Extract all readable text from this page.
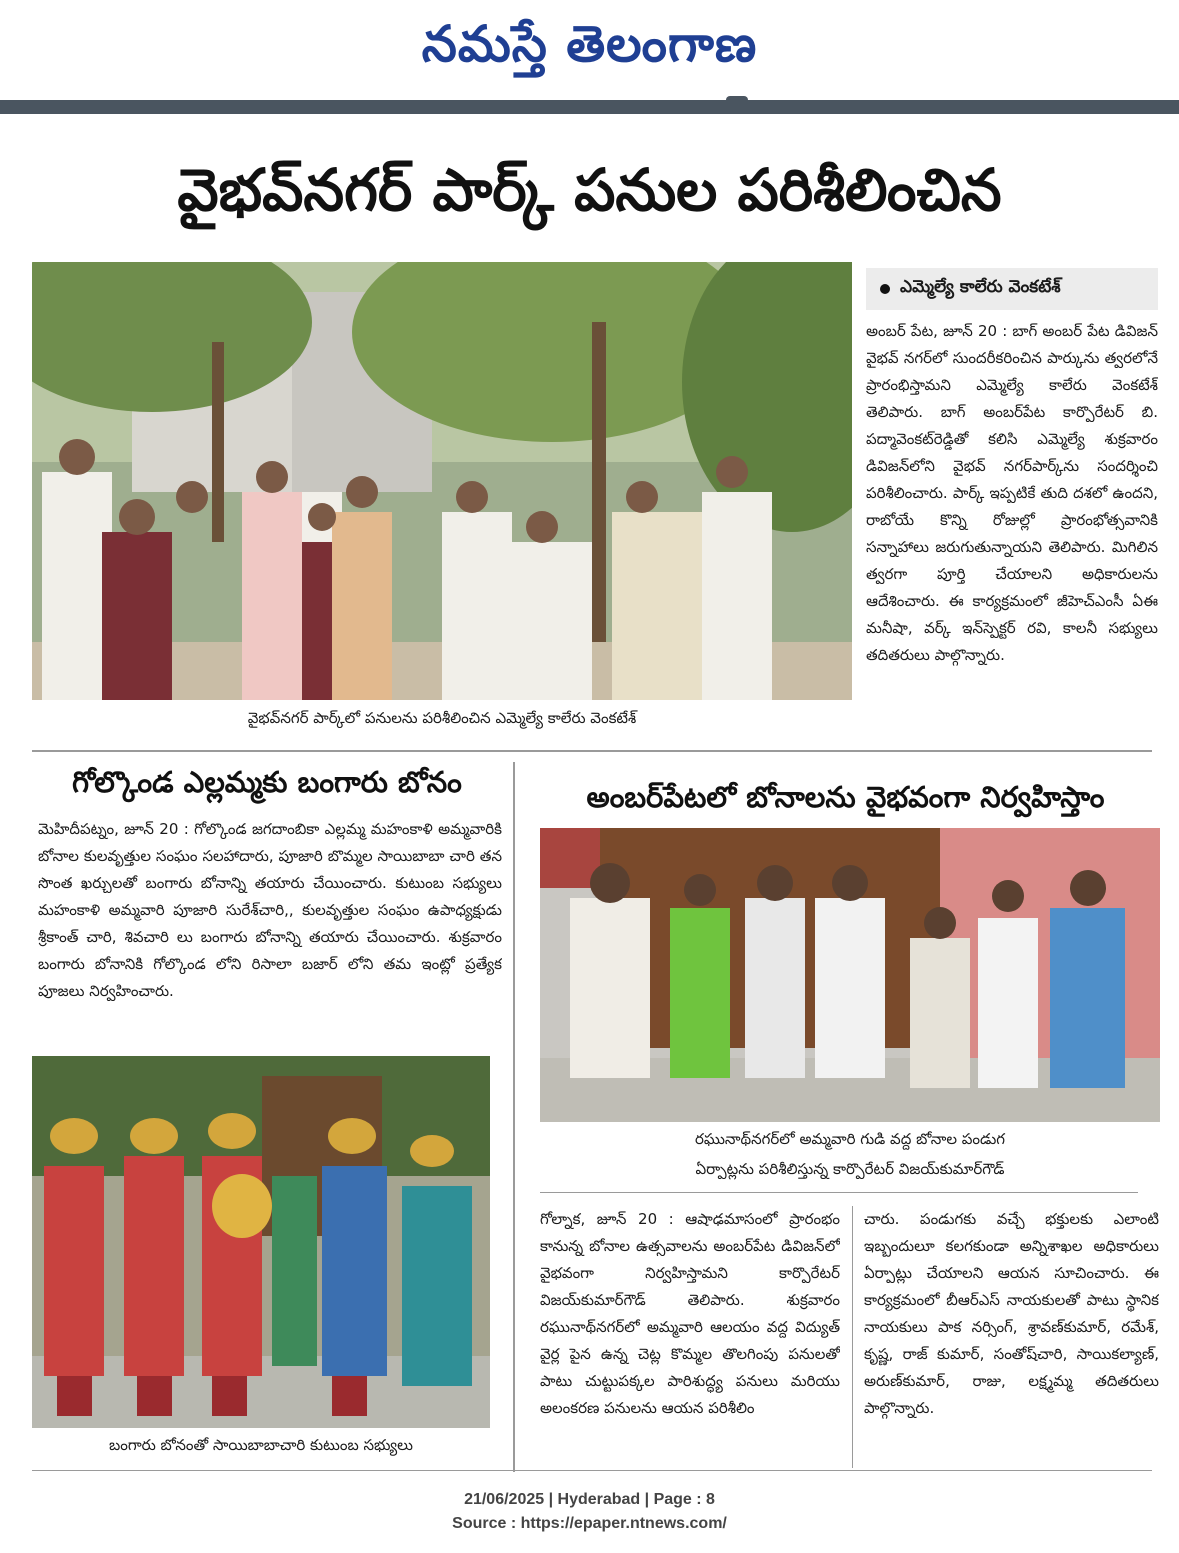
నమస్తే తెలంగాణ
వైభవ్‌నగర్ పార్క్ పనుల పరిశీలించిన
వైభవ్‌నగర్ పార్క్‌లో పనులను పరిశీలించిన ఎమ్మెల్యే కాలేరు వెంకటేశ్
ఎమ్మెల్యే కాలేరు వెంకటేశ్
అంబర్ పేట, జూన్ 20 : బాగ్ అంబర్ పేట డివిజన్ వైభవ్ నగర్‌లో సుందరీకరించిన పార్కును త్వరలోనే ప్రారంభిస్తామని ఎమ్మెల్యే కాలేరు వెంకటేశ్ తెలిపారు. బాగ్ అంబర్‌పేట కార్పొరేటర్ బి. పద్మావెంకట్‌రెడ్డితో కలిసి ఎమ్మెల్యే శుక్రవారం డివిజన్‌లోని వైభవ్ నగర్‌పార్క్‌ను సందర్శించి పరిశీలించారు. పార్క్ ఇప్పటికే తుది దశలో ఉందని, రాబోయే కొన్ని రోజుల్లో ప్రారంభోత్సవానికి సన్నాహాలు జరుగుతున్నాయని తెలిపారు. మిగిలిన త్వరగా పూర్తి చేయాలని అధికారులను ఆదేశించారు. ఈ కార్యక్రమంలో జీహెచ్ఎంసీ ఏఈ మనీషా, వర్క్ ఇన్‌స్పెక్టర్ రవి, కాలనీ సభ్యులు తదితరులు పాల్గొన్నారు.
గోల్కొండ ఎల్లమ్మకు బంగారు బోనం
మెహిదీపట్నం, జూన్ 20 : గోల్కొండ జగదాంబికా ఎల్లమ్మ మహంకాళి అమ్మవారికి బోనాల కులవృత్తుల సంఘం సలహాదారు, పూజారి బొమ్మల సాయిబాబా చారి తన సొంత ఖర్చులతో బంగారు బోనాన్ని తయారు చేయించారు. కుటుంబ సభ్యులు మహంకాళి అమ్మవారి పూజారి సురేశ్‌చారి,, కులవృత్తుల సంఘం ఉపాధ్యక్షుడు శ్రీకాంత్ చారి, శివచారి లు బంగారు బోనాన్ని తయారు చేయించారు. శుక్రవారం బంగారు బోనానికి గోల్కొండ లోని రిసాలా బజార్ లోని తమ ఇంట్లో ప్రత్యేక పూజలు నిర్వహించారు.
బంగారు బోనంతో సాయిబాబాచారి కుటుంబ సభ్యులు
అంబర్‌పేటలో బోనాలను వైభవంగా నిర్వహిస్తాం
రఘునాథ్‌నగర్‌లో అమ్మవారి గుడి వద్ద బోనాల పండుగ
ఏర్పాట్లను పరిశీలిస్తున్న కార్పొరేటర్ విజయ్‌కుమార్‌గౌడ్
గోల్నాక, జూన్ 20 : ఆషాఢమాసంలో ప్రారంభం కానున్న బోనాల ఉత్సవాలను అంబర్‌పేట డివిజన్‌లో వైభవంగా నిర్వహిస్తామని కార్పొరేటర్ విజయ్‌కుమార్‌గౌడ్ తెలిపారు. శుక్రవారం రఘునాథ్‌నగర్‌లో అమ్మవారి ఆలయం వద్ద విద్యుత్ వైర్ల పైన ఉన్న చెట్ల కొమ్మల తొలగింపు పనులతో పాటు చుట్టుపక్కల పారిశుద్ధ్య పనులు మరియు అలంకరణ పనులను ఆయన పరిశీలిం
చారు. పండుగకు వచ్చే భక్తులకు ఎలాంటి ఇబ్బందులూ కలగకుండా అన్నిశాఖల అధికారులు ఏర్పాట్లు చేయాలని ఆయన సూచించారు. ఈ కార్యక్రమంలో బీఆర్ఎస్ నాయకులతో పాటు స్థానిక నాయకులు పాక నర్సింగ్, శ్రావణ్‌కుమార్, రమేశ్, కృష్ణ, రాజ్ కుమార్, సంతోష్‌చారి, సాయికల్యాణ్, అరుణ్‌కుమార్, రాజు, లక్ష్మమ్మ తదితరులు పాల్గొన్నారు.
21/06/2025 | Hyderabad | Page : 8
Source : https://epaper.ntnews.com/
